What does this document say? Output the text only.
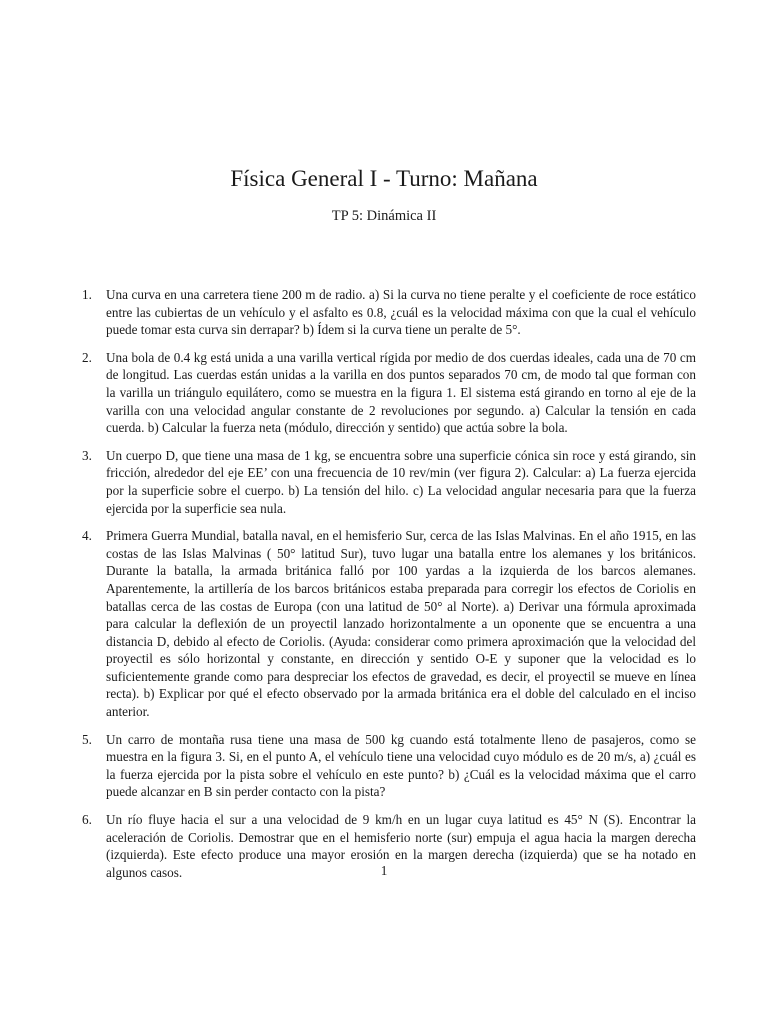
Física General I - Turno: Mañana
TP 5: Dinámica II
1.	Una curva en una carretera tiene 200 m de radio. a) Si la curva no tiene peralte y el coeficiente de roce estático entre las cubiertas de un vehículo y el asfalto es 0.8, ¿cuál es la velocidad máxima con que la cual el vehículo puede tomar esta curva sin derrapar? b) Ídem si la curva tiene un peralte de 5°.
2.	Una bola de 0.4 kg está unida a una varilla vertical rígida por medio de dos cuerdas ideales, cada una de 70 cm de longitud. Las cuerdas están unidas a la varilla en dos puntos separados 70 cm, de modo tal que forman con la varilla un triángulo equilátero, como se muestra en la figura 1. El sistema está girando en torno al eje de la varilla con una velocidad angular constante de 2 revoluciones por segundo. a) Calcular la tensión en cada cuerda. b) Calcular la fuerza neta (módulo, dirección y sentido) que actúa sobre la bola.
3.	Un cuerpo D, que tiene una masa de 1 kg, se encuentra sobre una superficie cónica sin roce y está girando, sin fricción, alrededor del eje EE’ con una frecuencia de 10 rev/min (ver figura 2). Calcular: a) La fuerza ejercida por la superficie sobre el cuerpo. b) La tensión del hilo. c) La velocidad angular necesaria para que la fuerza ejercida por la superficie sea nula.
4.	Primera Guerra Mundial, batalla naval, en el hemisferio Sur, cerca de las Islas Malvinas. En el año 1915, en las costas de las Islas Malvinas ( 50° latitud Sur), tuvo lugar una batalla entre los alemanes y los británicos. Durante la batalla, la armada británica falló por 100 yardas a la izquierda de los barcos alemanes. Aparentemente, la artillería de los barcos británicos estaba preparada para corregir los efectos de Coriolis en batallas cerca de las costas de Europa (con una latitud de 50° al Norte). a) Derivar una fórmula aproximada para calcular la deflexión de un proyectil lanzado horizontalmente a un oponente que se encuentra a una distancia D, debido al efecto de Coriolis. (Ayuda: considerar como primera aproximación que la velocidad del proyectil es sólo horizontal y constante, en dirección y sentido O-E y suponer que la velocidad es lo suficientemente grande como para despreciar los efectos de gravedad, es decir, el proyectil se mueve en línea recta). b) Explicar por qué el efecto observado por la armada británica era el doble del calculado en el inciso anterior.
5.	Un carro de montaña rusa tiene una masa de 500 kg cuando está totalmente lleno de pasajeros, como se muestra en la figura 3. Si, en el punto A, el vehículo tiene una velocidad cuyo módulo es de 20 m/s, a) ¿cuál es la fuerza ejercida por la pista sobre el vehículo en este punto? b) ¿Cuál es la velocidad máxima que el carro puede alcanzar en B sin perder contacto con la pista?
6.	Un río fluye hacia el sur a una velocidad de 9 km/h en un lugar cuya latitud es 45° N (S). Encontrar la aceleración de Coriolis. Demostrar que en el hemisferio norte (sur) empuja el agua hacia la margen derecha (izquierda). Este efecto produce una mayor erosión en la margen derecha (izquierda) que se ha notado en algunos casos.	1
